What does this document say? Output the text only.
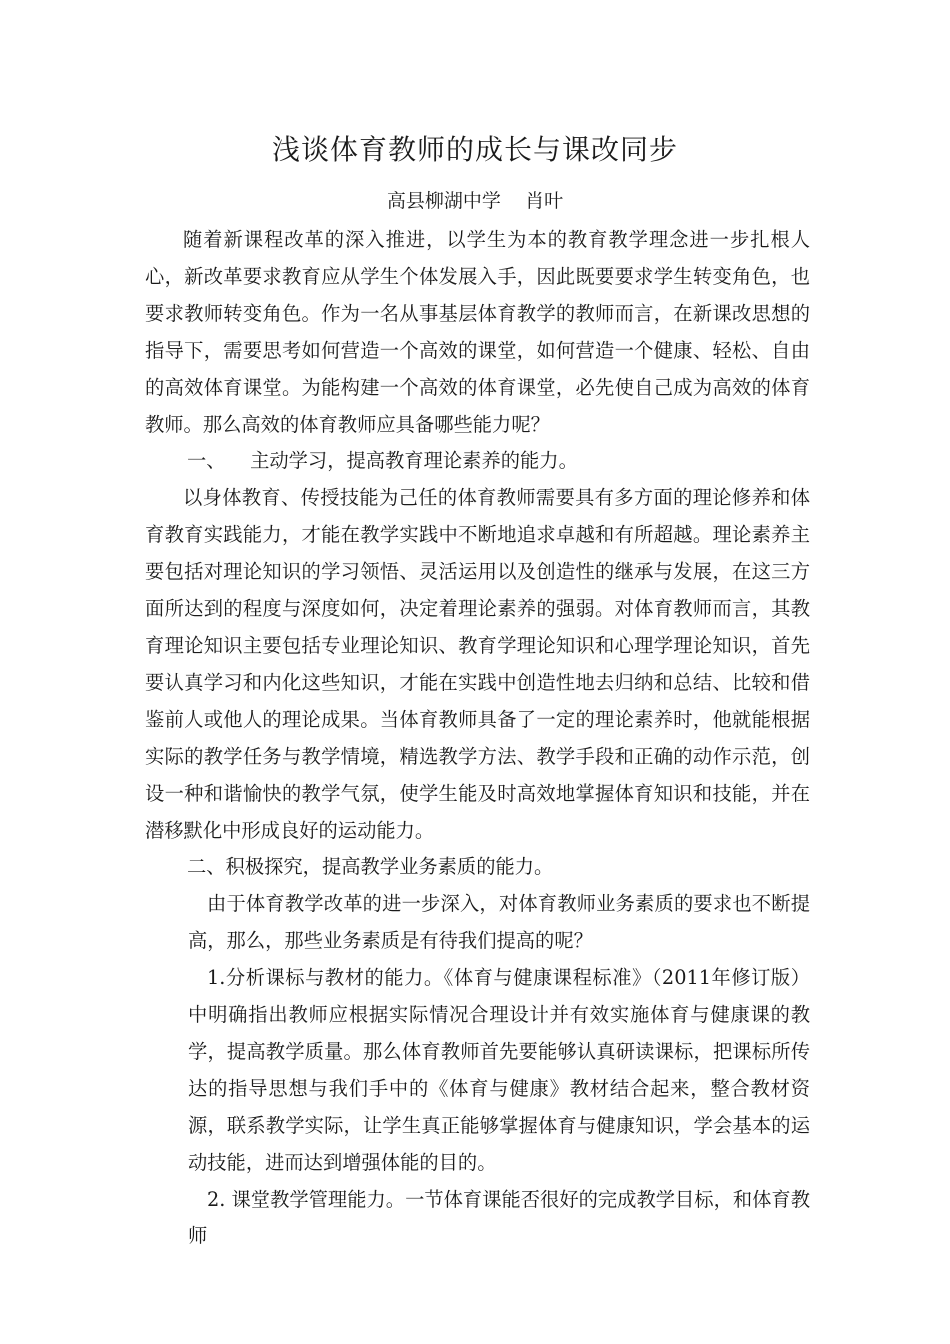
浅谈体育教师的成长与课改同步
高县柳湖中学    肖叶

随着新课程改革的深入推进，以学生为本的教育教学理念进一步扎根人心，新改革要求教育应从学生个体发展入手，因此既要要求学生转变角色，也要求教师转变角色。作为一名从事基层体育教学的教师而言，在新课改思想的指导下，需要思考如何营造一个高效的课堂，如何营造一个健康、轻松、自由的高效体育课堂。为能构建一个高效的体育课堂，必先使自己成为高效的体育教师。那么高效的体育教师应具备哪些能力呢？

一、    主动学习，提高教育理论素养的能力。

以身体教育、传授技能为己任的体育教师需要具有多方面的理论修养和体育教育实践能力，才能在教学实践中不断地追求卓越和有所超越。理论素养主要包括对理论知识的学习领悟、灵活运用以及创造性的继承与发展，在这三方面所达到的程度与深度如何，决定着理论素养的强弱。对体育教师而言，其教育理论知识主要包括专业理论知识、教育学理论知识和心理学理论知识，首先要认真学习和内化这些知识，才能在实践中创造性地去归纳和总结、比较和借鉴前人或他人的理论成果。当体育教师具备了一定的理论素养时，他就能根据实际的教学任务与教学情境，精选教学方法、教学手段和正确的动作示范，创设一种和谐愉快的教学气氛，使学生能及时高效地掌握体育知识和技能，并在潜移默化中形成良好的运动能力。

二、积极探究，提高教学业务素质的能力。

由于体育教学改革的进一步深入，对体育教师业务素质的要求也不断提高，那么，那些业务素质是有待我们提高的呢？

1.分析课标与教材的能力。《体育与健康课程标准》（2011年修订版）中明确指出教师应根据实际情况合理设计并有效实施体育与健康课的教学，提高教学质量。那么体育教师首先要能够认真研读课标，把课标所传达的指导思想与我们手中的《体育与健康》教材结合起来，整合教材资源，联系教学实际，让学生真正能够掌握体育与健康知识，学会基本的运动技能，进而达到增强体能的目的。

2. 课堂教学管理能力。一节体育课能否很好的完成教学目标，和体育教师
